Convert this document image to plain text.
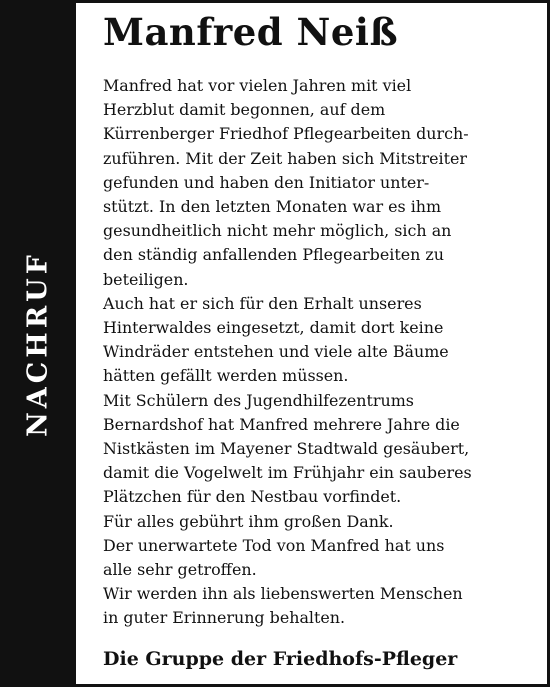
NACHRUF
Manfred Neiß
Manfred hat vor vielen Jahren mit viel
Herzblut damit begonnen, auf dem
Kürrenberger Friedhof Pflegearbeiten durch-
zuführen. Mit der Zeit haben sich Mitstreiter
gefunden und haben den Initiator unter-
stützt. In den letzten Monaten war es ihm
gesundheitlich nicht mehr möglich, sich an
den ständig anfallenden Pflegearbeiten zu
beteiligen.
Auch hat er sich für den Erhalt unseres
Hinterwaldes eingesetzt, damit dort keine
Windräder entstehen und viele alte Bäume
hätten gefällt werden müssen.
Mit Schülern des Jugendhilfezentrums
Bernardshof hat Manfred mehrere Jahre die
Nistkästen im Mayener Stadtwald gesäubert,
damit die Vogelwelt im Frühjahr ein sauberes
Plätzchen für den Nestbau vorfindet.
Für alles gebührt ihm großen Dank.
Der unerwartete Tod von Manfred hat uns
alle sehr getroffen.
Wir werden ihn als liebenswerten Menschen
in guter Erinnerung behalten.
Die Gruppe der Friedhofs-Pfleger
